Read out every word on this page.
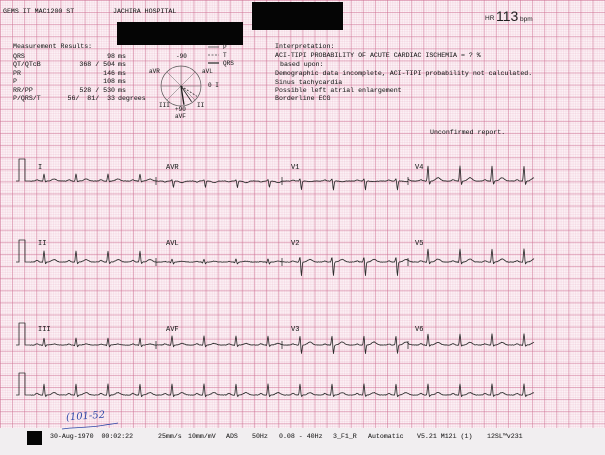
GEMS IT MAC1200 ST	JACHIRA HOSPITAL
HR 113 bpm
Measurement Results:
QRS	98 ms
QT/QTcB	368 / 504 ms
PR	146 ms
P	108 ms
RR/PP	528 / 530 ms
P/QRS/T	56/  81/  33 degrees
-90
aVR	aVL
0 I
III	II
+90
aVF
P
T
QRS
Interpretation:
ACI-TIPI PROBABILITY OF ACUTE CARDIAC ISCHEMIA = ? %
based upon:
Demographic data incomplete, ACI-TIPI probability not calculated.
Sinus tachycardia
Possible left atrial enlargement
Borderline ECG
Unconfirmed report.
I	AVR	V1	V4
II	AVL	V2	V5
III	AVF	V3	V6
(101-52
30-Aug-1970  00:02:22	25mm/s 10mm/mV ADS 50Hz 0.08 - 40Hz 3_F1_R Automatic V5.21 M12i (1) 12SL™v231
